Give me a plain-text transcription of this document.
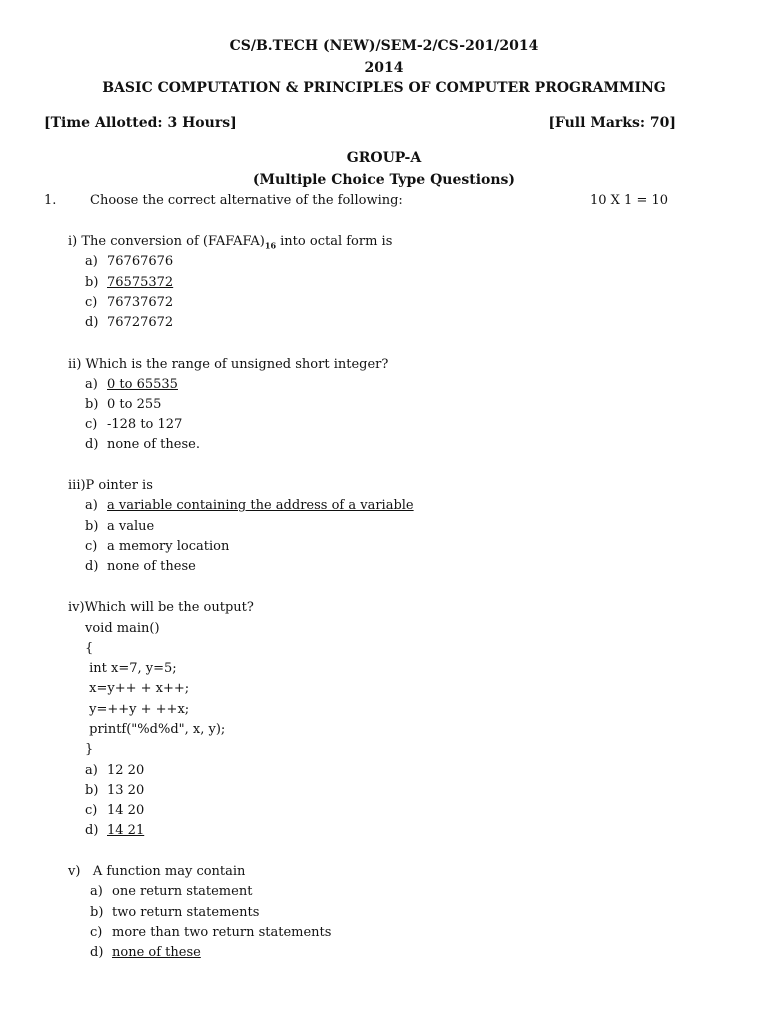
CS/B.TECH (NEW)/SEM-2/CS-201/2014
2014
BASIC COMPUTATION & PRINCIPLES OF COMPUTER PROGRAMMING
[Time Allotted: 3 Hours]	[Full Marks: 70]
GROUP-A
(Multiple Choice Type Questions)
1.	Choose the correct alternative of the following:	10 X 1 = 10
i) The conversion of $(FAFAFA)_{16}$ into octal form is
a) 76767676
b) 76575372
c) 76737672
d) 76727672
ii) Which is the range of unsigned short integer?
a) 0 to 65535
b) 0 to 255
c) -128 to 127
d) none of these.
iii)P ointer is
a) a variable containing the address of a variable
b) a value
c) a memory location
d) none of these
iv)Which will be the output?
void main()
{
int x=7, y=5;
x=y++ + x++;
y=++y + ++x;
printf("%d%d", x, y);
}
a) 12 20
b) 13 20
c) 14 20
d) 14 21
v)   A function may contain
a) one return statement
b) two return statements
c) more than two return statements
d) none of these
